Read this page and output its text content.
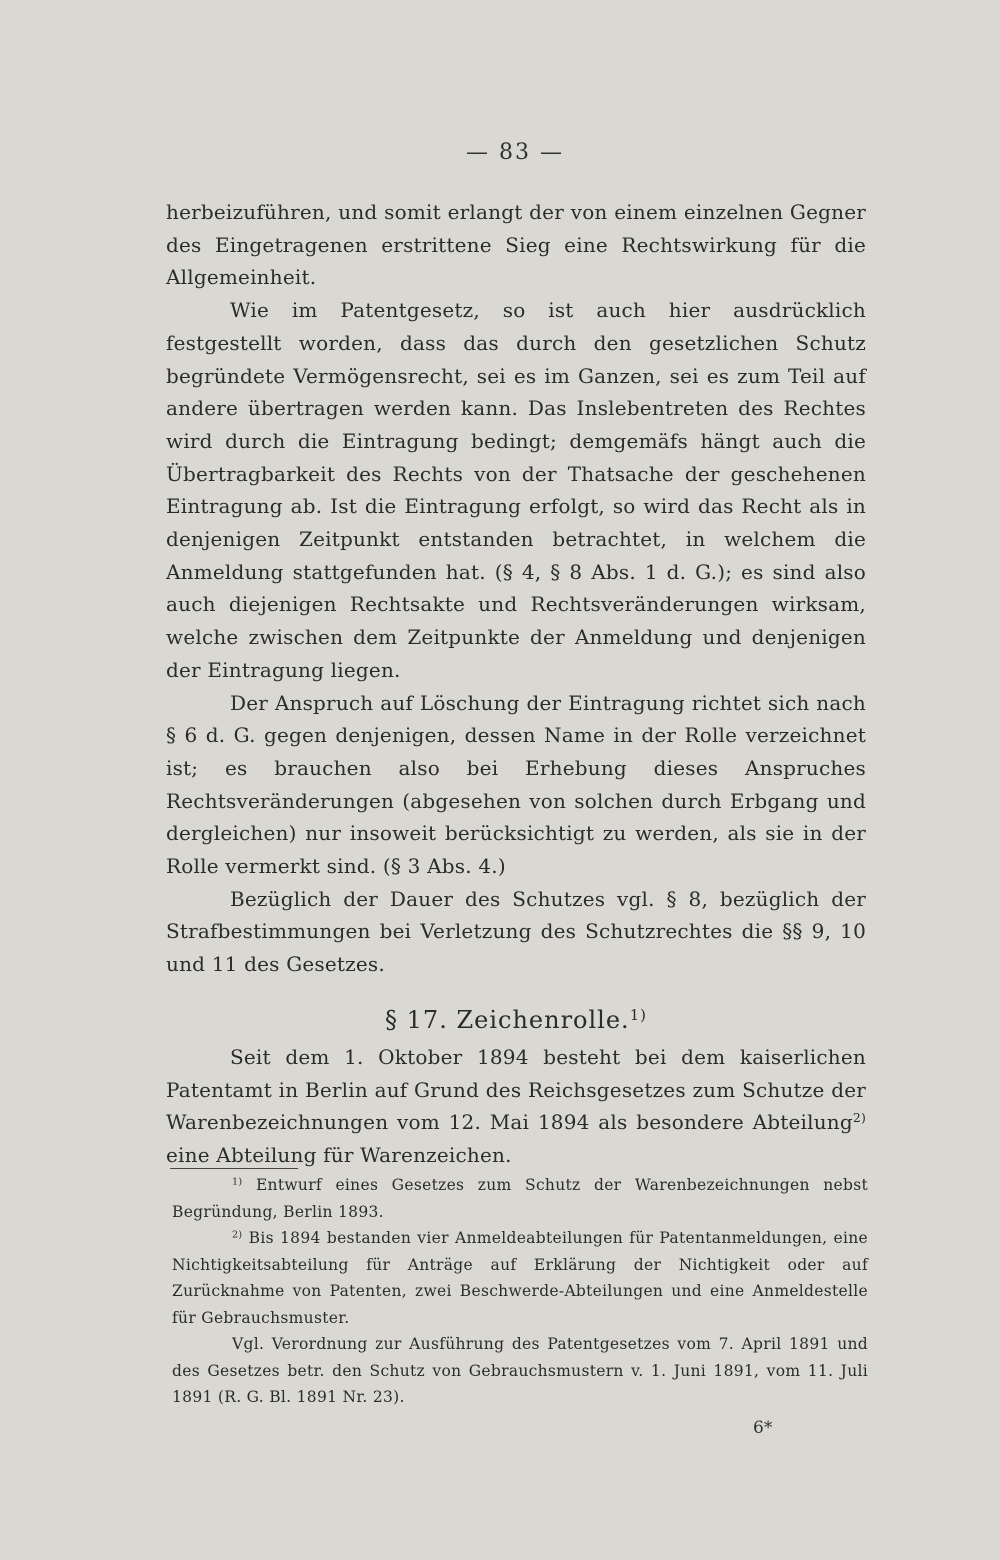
— 83 —

herbeizuführen, und somit erlangt der von einem einzelnen Gegner des Eingetragenen erstrittene Sieg eine Rechtswirkung für die Allgemeinheit.

Wie im Patentgesetz, so ist auch hier ausdrücklich festgestellt worden, dass das durch den gesetzlichen Schutz begründete Vermögensrecht, sei es im Ganzen, sei es zum Teil auf andere übertragen werden kann. Das Inslebentreten des Rechtes wird durch die Eintragung bedingt; demgemäfs hängt auch die Übertragbarkeit des Rechts von der Thatsache der geschehenen Eintragung ab. Ist die Eintragung erfolgt, so wird das Recht als in denjenigen Zeitpunkt entstanden betrachtet, in welchem die Anmeldung stattgefunden hat. (§ 4, § 8 Abs. 1 d. G.); es sind also auch diejenigen Rechtsakte und Rechtsveränderungen wirksam, welche zwischen dem Zeitpunkte der Anmeldung und denjenigen der Eintragung liegen.

Der Anspruch auf Löschung der Eintragung richtet sich nach § 6 d. G. gegen denjenigen, dessen Name in der Rolle verzeichnet ist; es brauchen also bei Erhebung dieses Anspruches Rechtsveränderungen (abgesehen von solchen durch Erbgang und dergleichen) nur insoweit berücksichtigt zu werden, als sie in der Rolle vermerkt sind. (§ 3 Abs. 4.)

Bezüglich der Dauer des Schutzes vgl. § 8, bezüglich der Strafbestimmungen bei Verletzung des Schutzrechtes die §§ 9, 10 und 11 des Gesetzes.

§ 17. Zeichenrolle.$^{1)}$

Seit dem 1. Oktober 1894 besteht bei dem kaiserlichen Patentamt in Berlin auf Grund des Reichsgesetzes zum Schutze der Warenbezeichnungen vom 12. Mai 1894 als besondere Abteilung$^{2)}$ eine Abteilung für Warenzeichen.

$^{1)}$ Entwurf eines Gesetzes zum Schutz der Warenbezeichnungen nebst Begründung, Berlin 1893.

$^{2)}$ Bis 1894 bestanden vier Anmeldeabteilungen für Patentanmeldungen, eine Nichtigkeitsabteilung für Anträge auf Erklärung der Nichtigkeit oder auf Zurücknahme von Patenten, zwei Beschwerde-Abteilungen und eine Anmeldestelle für Gebrauchsmuster.

Vgl. Verordnung zur Ausführung des Patentgesetzes vom 7. April 1891 und des Gesetzes betr. den Schutz von Gebrauchsmustern v. 1. Juni 1891, vom 11. Juli 1891 (R. G. Bl. 1891 Nr. 23).

6*
